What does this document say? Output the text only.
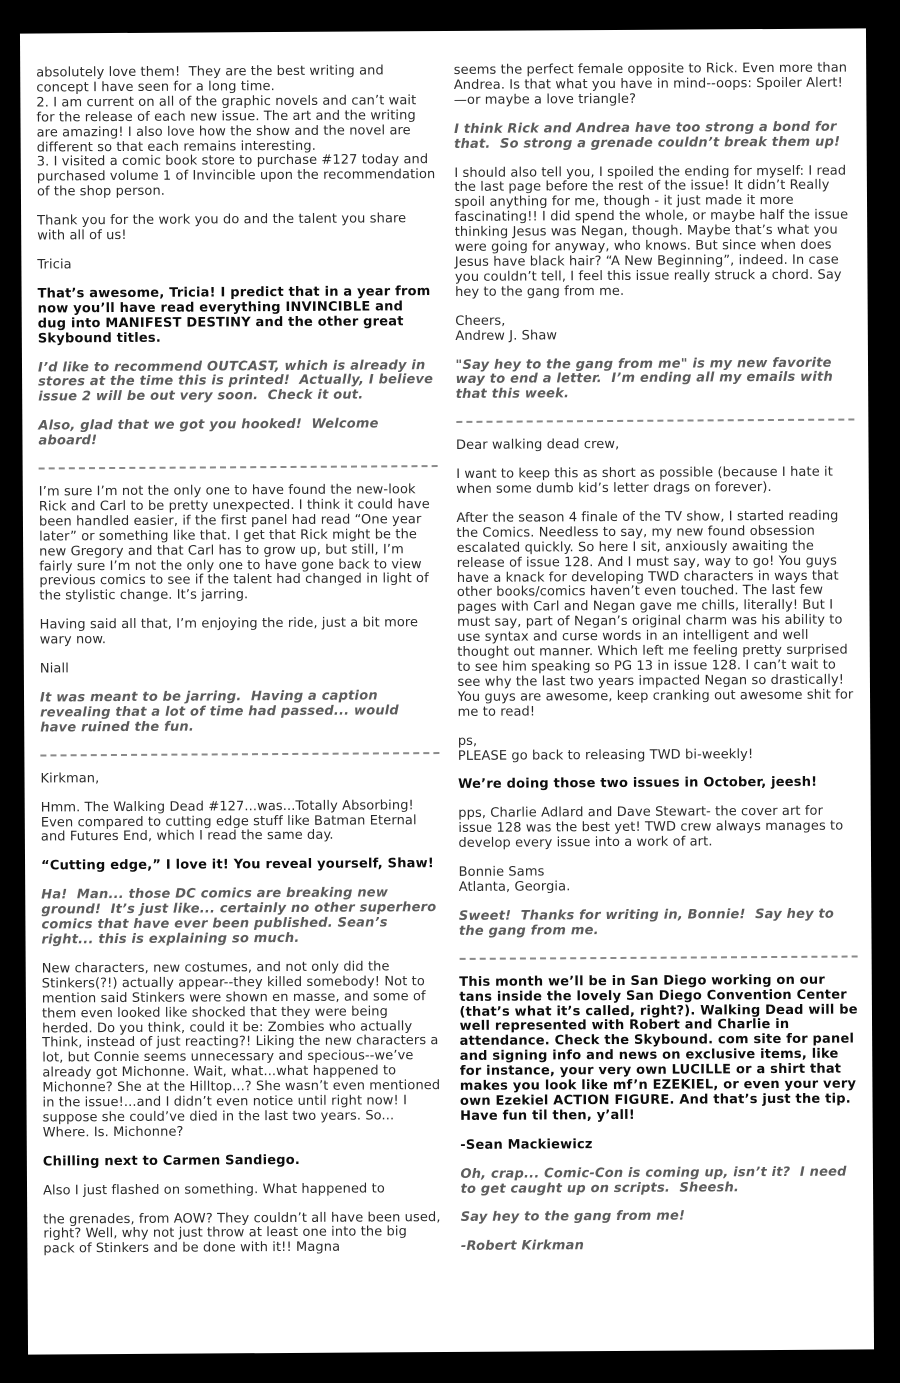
absolutely love them!  They are the best writing and concept I have seen for a long time.

2. I am current on all of the graphic novels and can’t wait for the release of each new issue. The art and the writing are amazing! I also love how the show and the novel are different so that each remains interesting.

3. I visited a comic book store to purchase #127 today and purchased volume 1 of Invincible upon the recommendation of the shop person.

Thank you for the work you do and the talent you share with all of us!

Tricia

That’s awesome, Tricia! I predict that in a year from now you’ll have read everything INVINCIBLE and dug into MANIFEST DESTINY and the other great Skybound titles.

I’d like to recommend OUTCAST, which is already in stores at the time this is printed!  Actually, I believe issue 2 will be out very soon.  Check it out.

Also, glad that we got you hooked!  Welcome aboard!

I’m sure I’m not the only one to have found the new-look Rick and Carl to be pretty unexpected. I think it could have been handled easier, if the first panel had read “One year later” or something like that. I get that Rick might be the new Gregory and that Carl has to grow up, but still, I’m fairly sure I’m not the only one to have gone back to view previous comics to see if the talent had changed in light of the stylistic change. It’s jarring.

Having said all that, I’m enjoying the ride, just a bit more wary now.

Niall

It was meant to be jarring.  Having a caption revealing that a lot of time had passed... would have ruined the fun.

Kirkman,

Hmm. The Walking Dead #127...was...Totally Absorbing! Even compared to cutting edge stuff like Batman Eternal and Futures End, which I read the same day.

“Cutting edge,” I love it! You reveal yourself, Shaw!

Ha!  Man... those DC comics are breaking new ground!  It’s just like... certainly no other superhero comics that have ever been published. Sean’s right... this is explaining so much.

New characters, new costumes, and not only did the Stinkers(?!) actually appear--they killed somebody! Not to mention said Stinkers were shown en masse, and some of them even looked like shocked that they were being herded. Do you think, could it be: Zombies who actually Think, instead of just reacting?! Liking the new characters a lot, but Connie seems unnecessary and specious--we’ve already got Michonne. Wait, what...what happened to Michonne? She at the Hilltop...? She wasn’t even mentioned in the issue!...and I didn’t even notice until right now! I suppose she could’ve died in the last two years. So... Where. Is. Michonne?

Chilling next to Carmen Sandiego.

Also I just flashed on something. What happened to

the grenades, from AOW? They couldn’t all have been used, right? Well, why not just throw at least one into the big pack of Stinkers and be done with it!! Magna

seems the perfect female opposite to Rick. Even more than Andrea. Is that what you have in mind--oops: Spoiler Alert!—or maybe a love triangle?

I think Rick and Andrea have too strong a bond for that.  So strong a grenade couldn’t break them up!

I should also tell you, I spoiled the ending for myself: I read the last page before the rest of the issue! It didn’t Really spoil anything for me, though - it just made it more fascinating!! I did spend the whole, or maybe half the issue thinking Jesus was Negan, though. Maybe that’s what you were going for anyway, who knows. But since when does Jesus have black hair? “A New Beginning”, indeed. In case you couldn’t tell, I feel this issue really struck a chord. Say hey to the gang from me.

Cheers,

Andrew J. Shaw

"Say hey to the gang from me" is my new favorite way to end a letter.  I’m ending all my emails with that this week.

Dear walking dead crew,

I want to keep this as short as possible (because I hate it when some dumb kid’s letter drags on forever).

After the season 4 finale of the TV show, I started reading the Comics. Needless to say, my new found obsession escalated quickly. So here I sit, anxiously awaiting the release of issue 128. And I must say, way to go! You guys have a knack for developing TWD characters in ways that other books/comics haven’t even touched. The last few pages with Carl and Negan gave me chills, literally! But I must say, part of Negan’s original charm was his ability to use syntax and curse words in an intelligent and well thought out manner. Which left me feeling pretty surprised to see him speaking so PG 13 in issue 128. I can’t wait to see why the last two years impacted Negan so drastically! You guys are awesome, keep cranking out awesome shit for me to read!

ps,

PLEASE go back to releasing TWD bi-weekly!

We’re doing those two issues in October, jeesh!

pps, Charlie Adlard and Dave Stewart- the cover art for issue 128 was the best yet! TWD crew always manages to develop every issue into a work of art.

Bonnie Sams

Atlanta, Georgia.

Sweet!  Thanks for writing in, Bonnie!  Say hey to the gang from me.

This month we’ll be in San Diego working on our tans inside the lovely San Diego Convention Center (that’s what it’s called, right?). Walking Dead will be well represented with Robert and Charlie in attendance. Check the Skybound. com site for panel and signing info and news on exclusive items, like for instance, your very own LUCILLE or a shirt that makes you look like mf’n EZEKIEL, or even your very own Ezekiel ACTION FIGURE. And that’s just the tip. Have fun til then, y’all!

-Sean Mackiewicz

Oh, crap... Comic-Con is coming up, isn’t it?  I need to get caught up on scripts.  Sheesh.

Say hey to the gang from me!

-Robert Kirkman
